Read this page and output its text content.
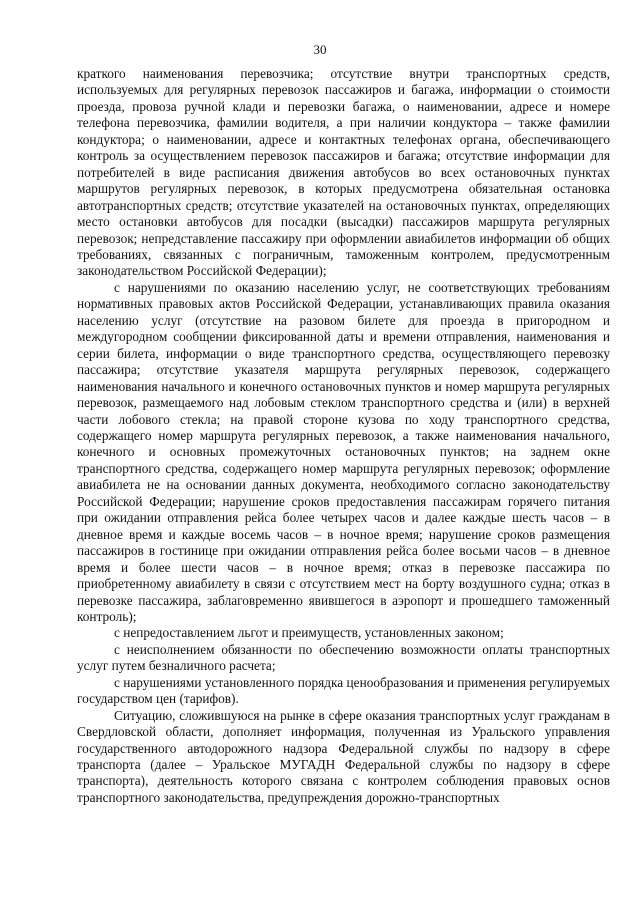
30

краткого наименования перевозчика; отсутствие внутри транспортных средств, используемых для регулярных перевозок пассажиров и багажа, информации о стоимости проезда, провоза ручной клади и перевозки багажа, о наименовании, адресе и номере телефона перевозчика, фамилии водителя, а при наличии кондуктора – также фамилии кондуктора; о наименовании, адресе и контактных телефонах органа, обеспечивающего контроль за осуществлением перевозок пассажиров и багажа; отсутствие информации для потребителей в виде расписания движения автобусов во всех остановочных пунктах маршрутов регулярных перевозок, в которых предусмотрена обязательная остановка автотранспортных средств; отсутствие указателей на остановочных пунктах, определяющих место остановки автобусов для посадки (высадки) пассажиров маршрута регулярных перевозок; непредставление пассажиру при оформлении авиабилетов информации об общих требованиях, связанных с пограничным, таможенным контролем, предусмотренным законодательством Российской Федерации);

с нарушениями по оказанию населению услуг, не соответствующих требованиям нормативных правовых актов Российской Федерации, устанавливающих правила оказания населению услуг (отсутствие на разовом билете для проезда в пригородном и междугородном сообщении фиксированной даты и времени отправления, наименования и серии билета, информации о виде транспортного средства, осуществляющего перевозку пассажира; отсутствие указателя маршрута регулярных перевозок, содержащего наименования начального и конечного остановочных пунктов и номер маршрута регулярных перевозок, размещаемого над лобовым стеклом транспортного средства и (или) в верхней части лобового стекла; на правой стороне кузова по ходу транспортного средства, содержащего номер маршрута регулярных перевозок, а также наименования начального, конечного и основных промежуточных остановочных пунктов; на заднем окне транспортного средства, содержащего номер маршрута регулярных перевозок; оформление авиабилета не на основании данных документа, необходимого согласно законодательству Российской Федерации; нарушение сроков предоставления пассажирам горячего питания при ожидании отправления рейса более четырех часов и далее каждые шесть часов – в дневное время и каждые восемь часов – в ночное время; нарушение сроков размещения пассажиров в гостинице при ожидании отправления рейса более восьми часов – в дневное время и более шести часов – в ночное время; отказ в перевозке пассажира по приобретенному авиабилету в связи с отсутствием мест на борту воздушного судна; отказ в перевозке пассажира, заблаговременно явившегося в аэропорт и прошедшего таможенный контроль);

с непредоставлением льгот и преимуществ, установленных законом;

с неисполнением обязанности по обеспечению возможности оплаты транспортных услуг путем безналичного расчета;

с нарушениями установленного порядка ценообразования и применения регулируемых государством цен (тарифов).

Ситуацию, сложившуюся на рынке в сфере оказания транспортных услуг гражданам в Свердловской области, дополняет информация, полученная из Уральского управления государственного автодорожного надзора Федеральной службы по надзору в сфере транспорта (далее – Уральское МУГАДН Федеральной службы по надзору в сфере транспорта), деятельность которого связана с контролем соблюдения правовых основ транспортного законодательства, предупреждения дорожно-транспортных
